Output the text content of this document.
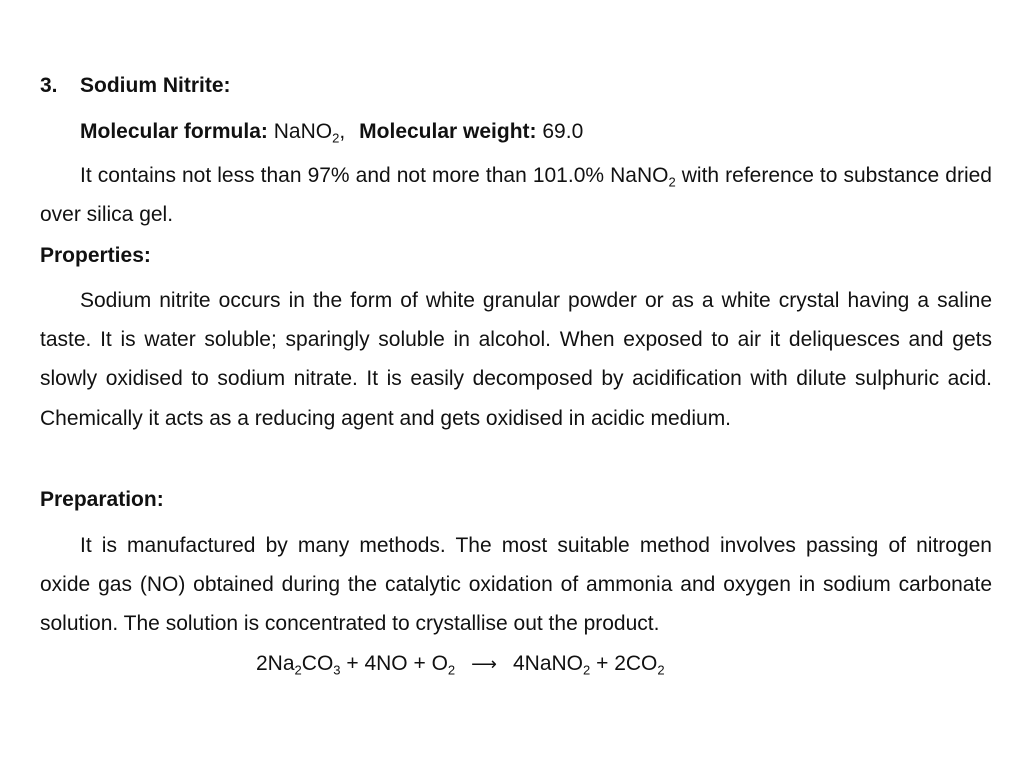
3. Sodium Nitrite:

Molecular formula: NaNO$_2$, Molecular weight: 69.0

It contains not less than 97% and not more than 101.0% NaNO$_2$ with reference to substance dried over silica gel.

Properties:

Sodium nitrite occurs in the form of white granular powder or as a white crystal having a saline taste. It is water soluble; sparingly soluble in alcohol. When exposed to air it deliquesces and gets slowly oxidised to sodium nitrate. It is easily decomposed by acidification with dilute sulphuric acid. Chemically it acts as a reducing agent and gets oxidised in acidic medium.

Preparation:

It is manufactured by many methods. The most suitable method involves passing of nitrogen oxide gas (NO) obtained during the catalytic oxidation of ammonia and oxygen in sodium carbonate solution. The solution is concentrated to crystallise out the product.

$2Na_2CO_3 + 4NO + O_2$ ⟶ 4NaNO$_2$ + $2CO_2$
